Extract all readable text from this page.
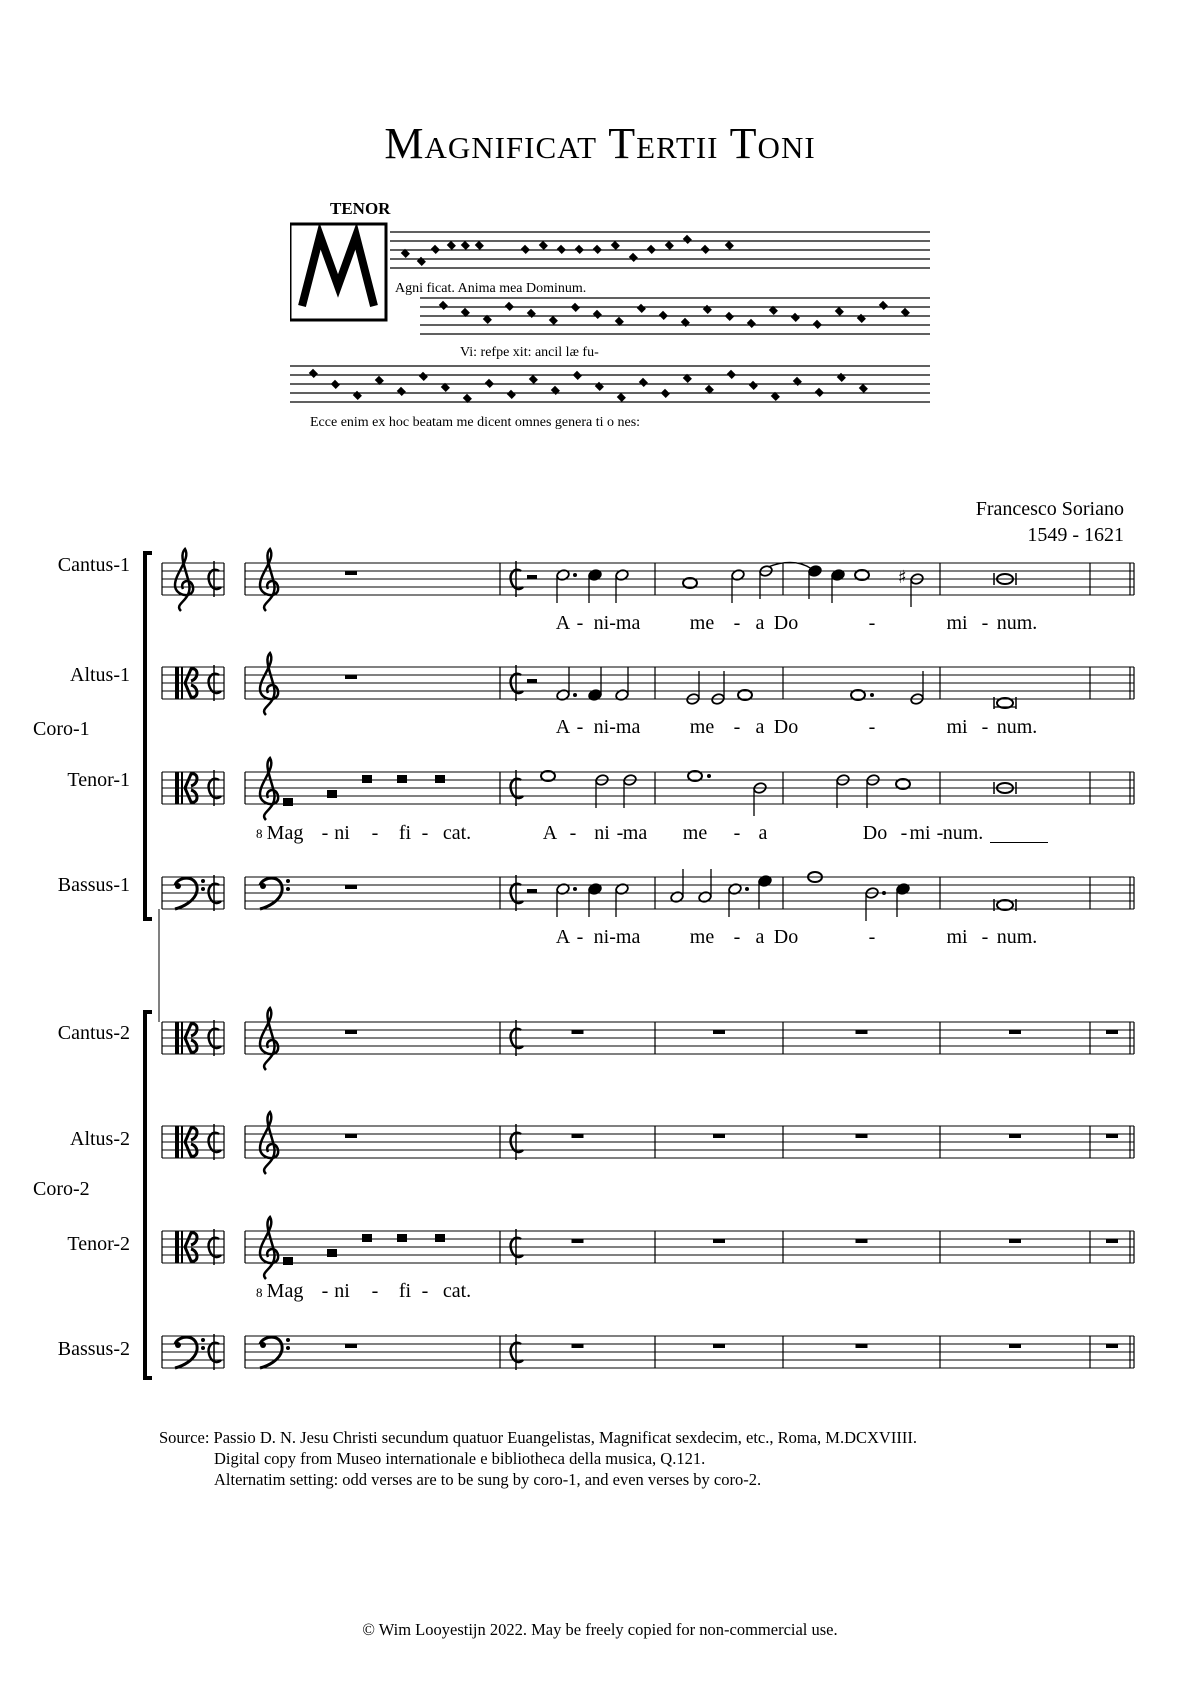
Magnificat Tertii Toni
TENOR
Agni ficat. Anima mea Dominum.
Vi: refpe xit: ancil læ fu-
Ecce enim ex hoc beatam me dicent omnes genera ti o nes:
Francesco Soriano
1549 - 1621
Cantus-1
Altus-1
Tenor-1
Bassus-1
Cantus-2
Altus-2
Tenor-2
Bassus-2
Coro-1
Coro-2
8
8
♯
A - ni-ma me - a Do	-	mi - num.
A - ni-ma me - a Do	-	mi - num.
A - ni-ma me - a Do	-	mi - num.
Mag - ni - fi - cat.	A - ni - ma me - a	Do - mi - num.
Mag - ni - fi - cat.
Source: Passio D. N. Jesu Christi secundum quatuor Euangelistas, Magnificat sexdecim, etc., Roma, M.DCXVIIII.
Digital copy from Museo internationale e bibliotheca della musica, Q.121.
Alternatim setting: odd verses are to be sung by coro-1, and even verses by coro-2.
© Wim Looyestijn 2022. May be freely copied for non-commercial use.
